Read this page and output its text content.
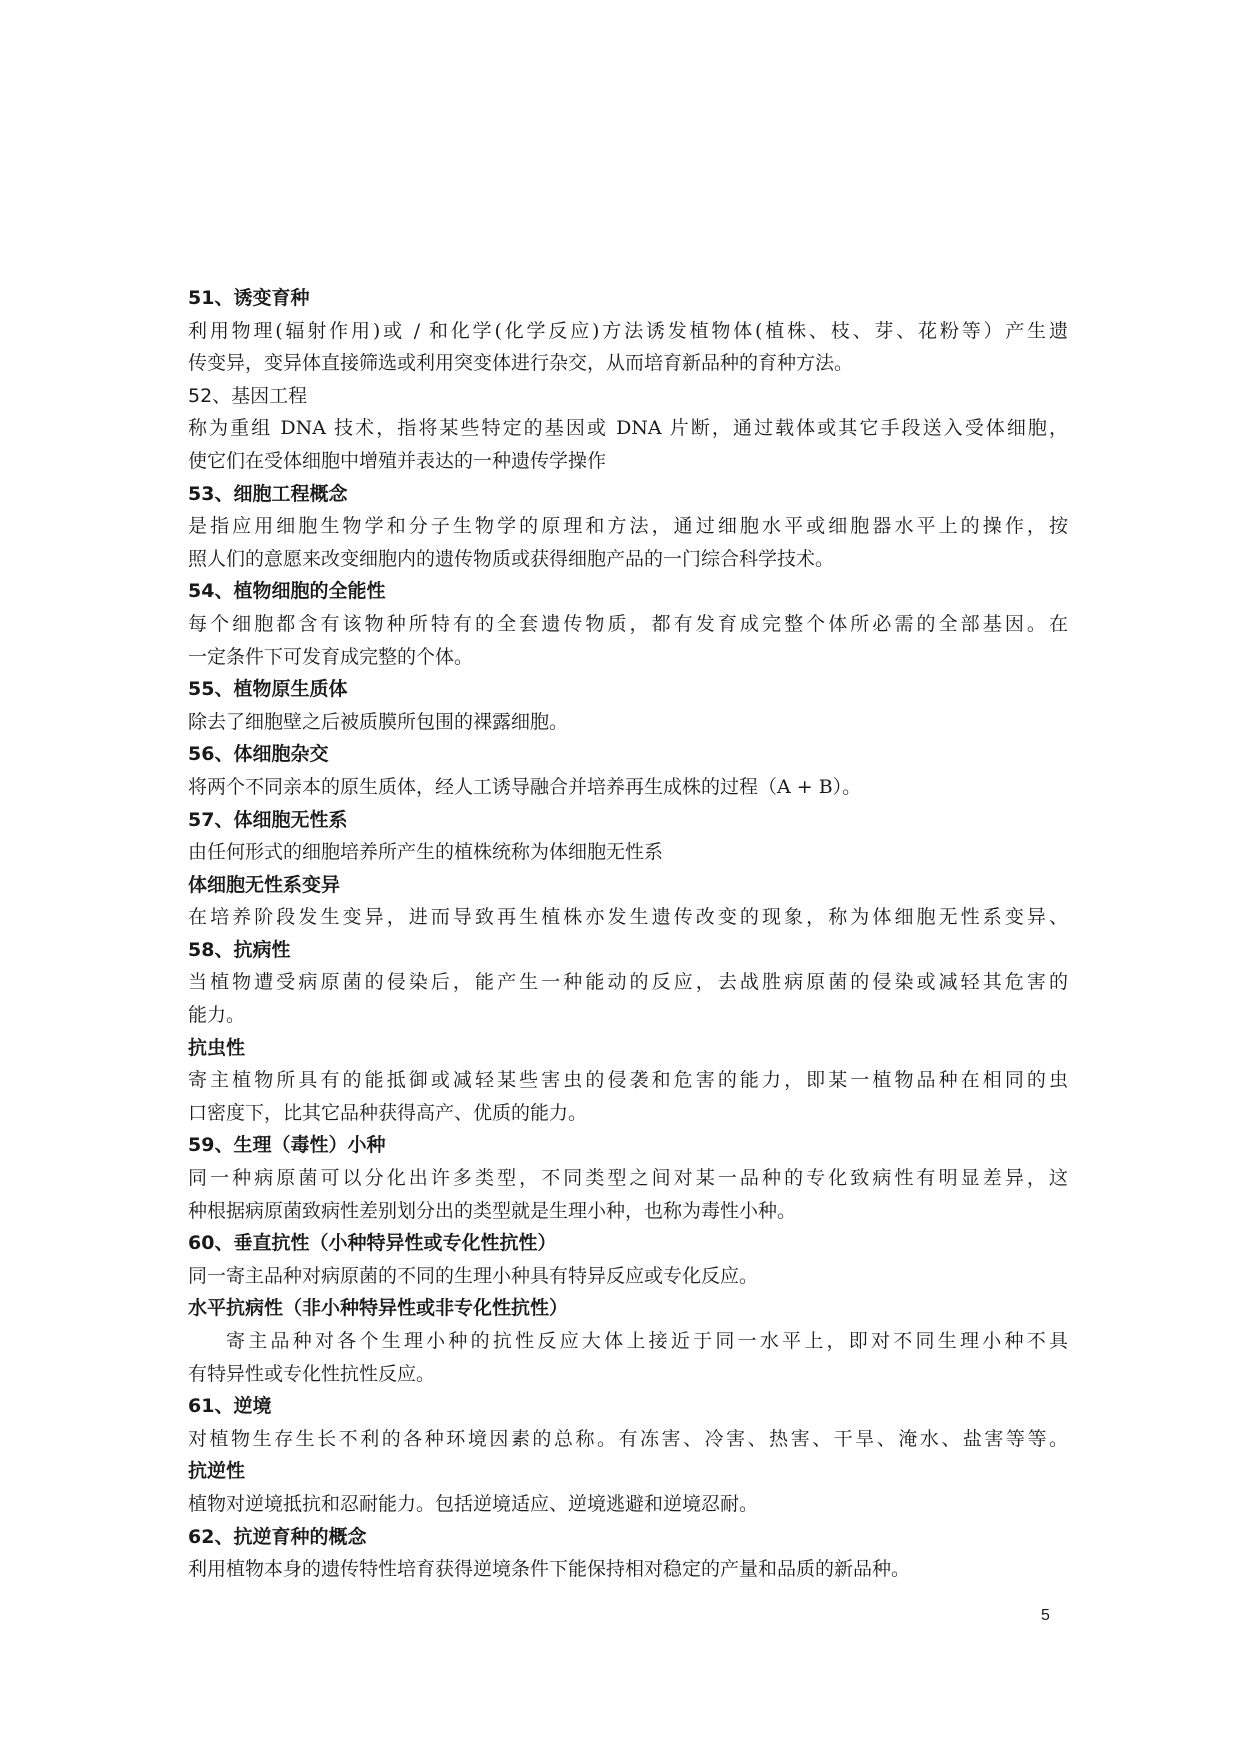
51、诱变育种
利用物理(辐射作用)或 / 和化学(化学反应)方法诱发植物体(植株、枝、芽、花粉等）产生遗
传变异，变异体直接筛选或利用突变体进行杂交，从而培育新品种的育种方法。
52、基因工程
称为重组 DNA 技术，指将某些特定的基因或 DNA 片断，通过载体或其它手段送入受体细胞，
使它们在受体细胞中增殖并表达的一种遗传学操作
53、细胞工程概念
是指应用细胞生物学和分子生物学的原理和方法，通过细胞水平或细胞器水平上的操作，按
照人们的意愿来改变细胞内的遗传物质或获得细胞产品的一门综合科学技术。
54、植物细胞的全能性
每个细胞都含有该物种所特有的全套遗传物质，都有发育成完整个体所必需的全部基因。在
一定条件下可发育成完整的个体。
55、植物原生质体
除去了细胞壁之后被质膜所包围的裸露细胞。
56、体细胞杂交
将两个不同亲本的原生质体，经人工诱导融合并培养再生成株的过程（A + B）。
57、体细胞无性系
由任何形式的细胞培养所产生的植株统称为体细胞无性系
体细胞无性系变异
在培养阶段发生变异，进而导致再生植株亦发生遗传改变的现象，称为体细胞无性系变异、
58、抗病性
当植物遭受病原菌的侵染后，能产生一种能动的反应，去战胜病原菌的侵染或减轻其危害的
能力。
抗虫性
寄主植物所具有的能抵御或减轻某些害虫的侵袭和危害的能力，即某一植物品种在相同的虫
口密度下，比其它品种获得高产、优质的能力。
59、生理（毒性）小种
同一种病原菌可以分化出许多类型，不同类型之间对某一品种的专化致病性有明显差异，这
种根据病原菌致病性差别划分出的类型就是生理小种，也称为毒性小种。
60、垂直抗性（小种特异性或专化性抗性）
同一寄主品种对病原菌的不同的生理小种具有特异反应或专化反应。
水平抗病性（非小种特异性或非专化性抗性）
寄主品种对各个生理小种的抗性反应大体上接近于同一水平上，即对不同生理小种不具
有特异性或专化性抗性反应。
61、逆境
对植物生存生长不利的各种环境因素的总称。有冻害、冷害、热害、干旱、淹水、盐害等等。
抗逆性
植物对逆境抵抗和忍耐能力。包括逆境适应、逆境逃避和逆境忍耐。
62、抗逆育种的概念
利用植物本身的遗传特性培育获得逆境条件下能保持相对稳定的产量和品质的新品种。
5
